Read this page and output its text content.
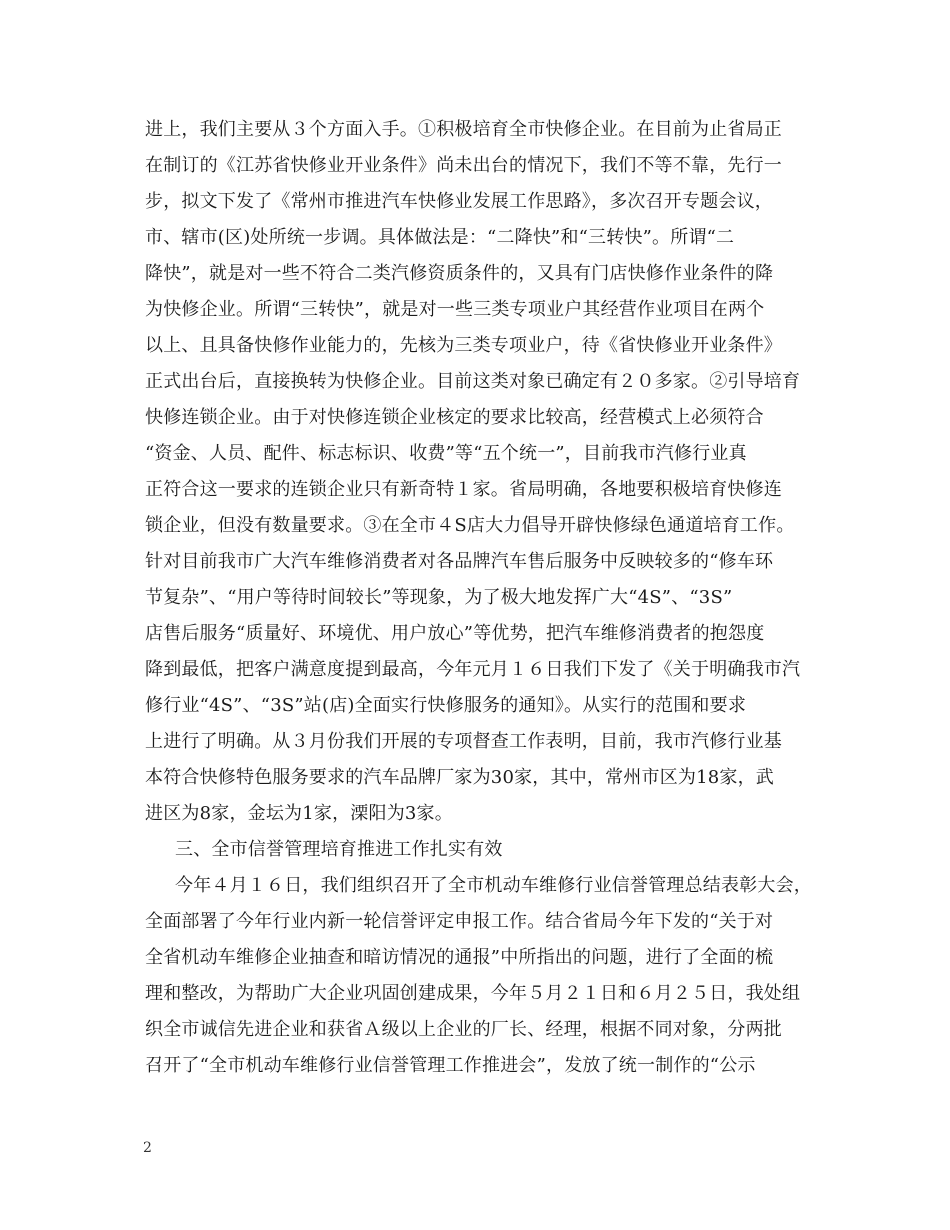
进上，我们主要从３个方面入手。①积极培育全市快修企业。在目前为止省局正
在制订的《江苏省快修业开业条件》尚未出台的情况下，我们不等不靠，先行一
步，拟文下发了《常州市推进汽车快修业发展工作思路》，多次召开专题会议，
市、辖市(区)处所统一步调。具体做法是：“二降快”和“三转快”。所谓“二
降快”，就是对一些不符合二类汽修资质条件的，又具有门店快修作业条件的降
为快修企业。所谓“三转快”，就是对一些三类专项业户其经营作业项目在两个
以上、且具备快修作业能力的，先核为三类专项业户，待《省快修业开业条件》
正式出台后，直接换转为快修企业。目前这类对象已确定有２０多家。②引导培育
快修连锁企业。由于对快修连锁企业核定的要求比较高，经营模式上必须符合
“资金、人员、配件、标志标识、收费”等“五个统一”，目前我市汽修行业真
正符合这一要求的连锁企业只有新奇特１家。省局明确，各地要积极培育快修连
锁企业，但没有数量要求。③在全市４S店大力倡导开辟快修绿色通道培育工作。
针对目前我市广大汽车维修消费者对各品牌汽车售后服务中反映较多的“修车环
节复杂”、“用户等待时间较长”等现象，为了极大地发挥广大“4S”、“3S”
店售后服务“质量好、环境优、用户放心”等优势，把汽车维修消费者的抱怨度
降到最低，把客户满意度提到最高，今年元月１６日我们下发了《关于明确我市汽
修行业“4S”、“3S”站(店)全面实行快修服务的通知》。从实行的范围和要求
上进行了明确。从３月份我们开展的专项督查工作表明，目前，我市汽修行业基
本符合快修特色服务要求的汽车品牌厂家为30家，其中，常州市区为18家，武
进区为8家，金坛为1家，溧阳为3家。
三、全市信誉管理培育推进工作扎实有效
今年４月１６日，我们组织召开了全市机动车维修行业信誉管理总结表彰大会，
全面部署了今年行业内新一轮信誉评定申报工作。结合省局今年下发的“关于对
全省机动车维修企业抽查和暗访情况的通报”中所指出的问题，进行了全面的梳
理和整改，为帮助广大企业巩固创建成果，今年５月２１日和６月２５日，我处组
织全市诚信先进企业和获省Ａ级以上企业的厂长、经理，根据不同对象，分两批
召开了“全市机动车维修行业信誉管理工作推进会”，发放了统一制作的“公示
2
